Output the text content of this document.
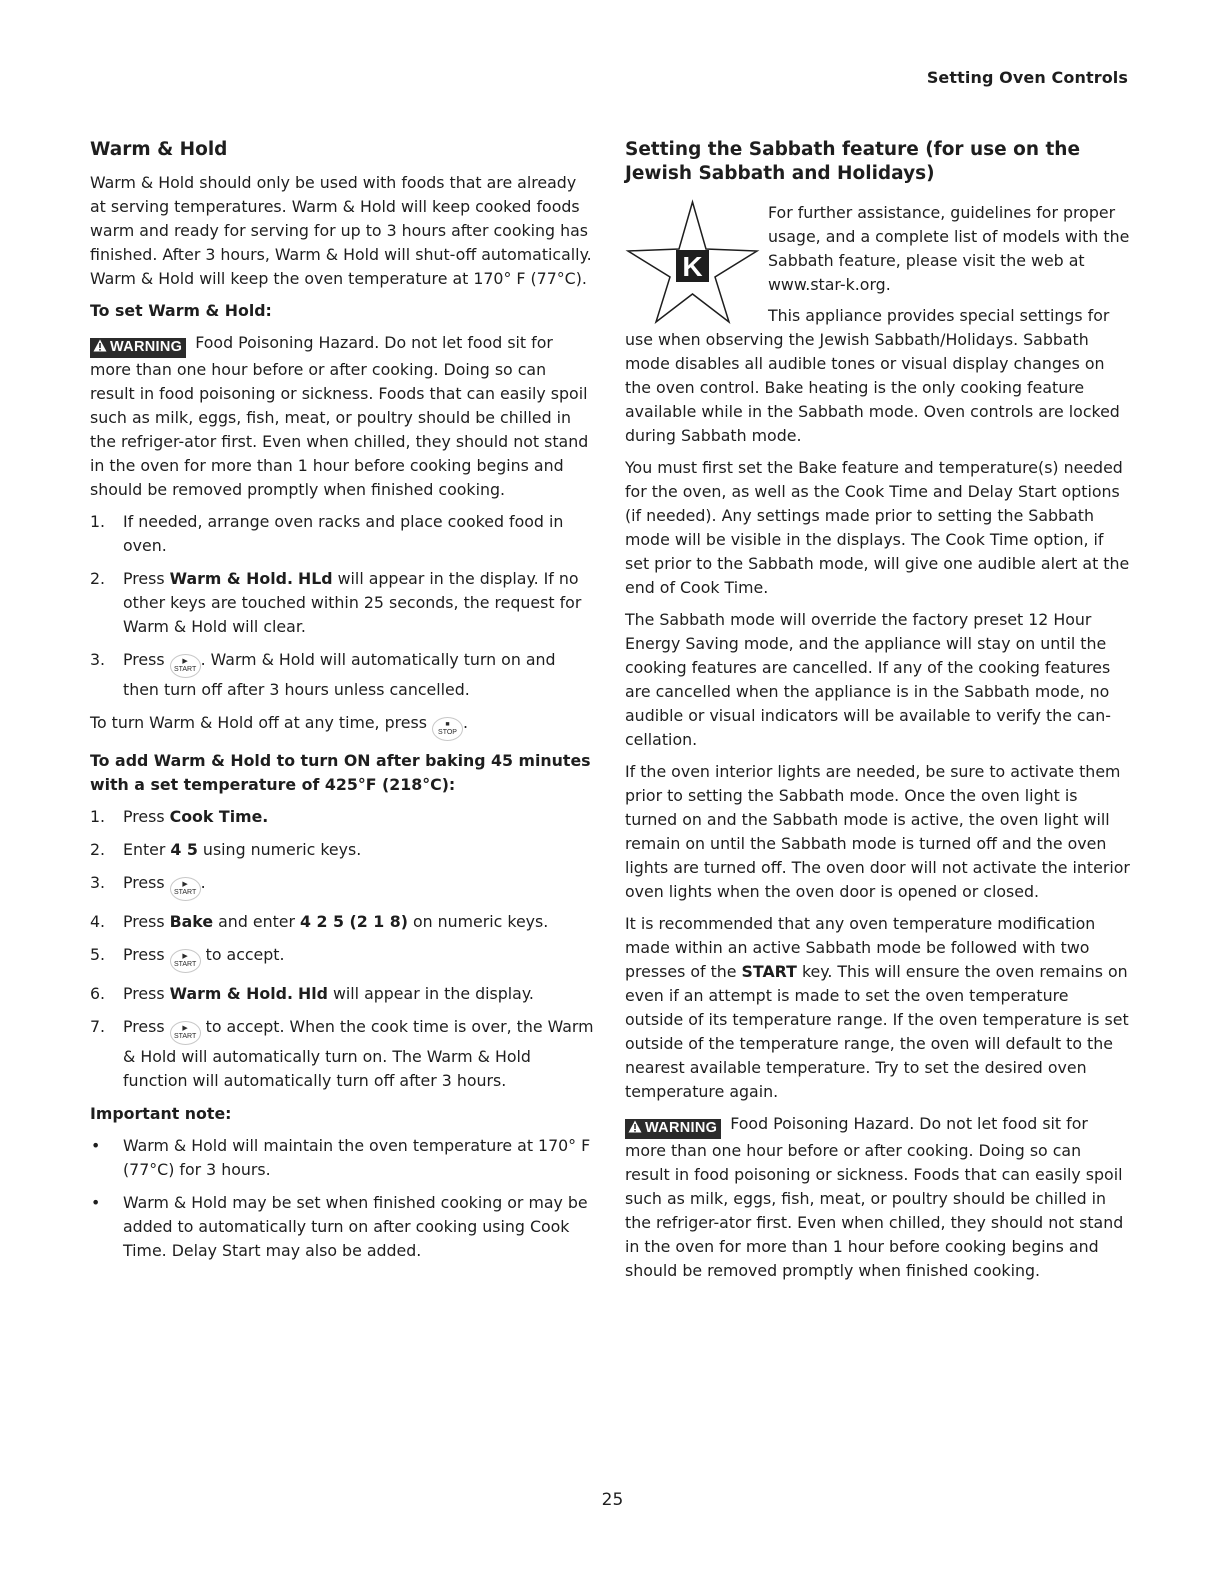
Setting Oven Controls
Warm & Hold

Warm & Hold should only be used with foods that are already at serving temperatures. Warm & Hold will keep cooked foods warm and ready for serving for up to 3 hours after cooking has finished. After 3 hours, Warm & Hold will shut-off automatically. Warm & Hold will keep the oven temperature at 170° F (77°C).

To set Warm & Hold:

WARNING Food Poisoning Hazard. Do not let food sit for more than one hour before or after cooking. Doing so can result in food poisoning or sickness. Foods that can easily spoil such as milk, eggs, fish, meat, or poultry should be chilled in the refriger-ator first. Even when chilled, they should not stand in the oven for more than 1 hour before cooking begins and should be removed promptly when finished cooking.

1. If needed, arrange oven racks and place cooked food in oven.
2. Press Warm & Hold. HLd will appear in the display. If no other keys are touched within 25 seconds, the request for Warm & Hold will clear.
3. Press	▶
START. Warm & Hold will automatically turn on and then turn off after 3 hours unless cancelled.

To turn Warm & Hold off at any time, press	■
STOP.

To add Warm & Hold to turn ON after baking 45 minutes with a set temperature of 425°F (218°C):
1. Press Cook Time.
2. Enter 4 5 using numeric keys.
3. Press	▶
START.
4. Press Bake and enter 4 2 5 (2 1 8) on numeric keys.
5. Press	▶
START to accept.
6. Press Warm & Hold. Hld will appear in the display.
7. Press	▶
START to accept. When the cook time is over, the Warm & Hold will automatically turn on. The Warm & Hold function will automatically turn off after 3 hours.
Important note:
• Warm & Hold will maintain the oven temperature at 170° F (77°C) for 3 hours.
• Warm & Hold may be set when finished cooking or may be added to automatically turn on after cooking using Cook Time. Delay Start may also be added.
Setting the Sabbath feature (for use on the Jewish Sabbath and Holidays)
K
For further assistance, guidelines for proper usage, and a complete list of models with the Sabbath feature, please visit the web at www.star-k.org.

This appliance provides special settings for use when observing the Jewish Sabbath/Holidays. Sabbath mode disables all audible tones or visual display changes on the oven control. Bake heating is the only cooking feature available while in the Sabbath mode. Oven controls are locked during Sabbath mode.

You must first set the Bake feature and temperature(s) needed for the oven, as well as the Cook Time and Delay Start options (if needed). Any settings made prior to setting the Sabbath mode will be visible in the displays. The Cook Time option, if set prior to the Sabbath mode, will give one audible alert at the end of Cook Time.

The Sabbath mode will override the factory preset 12 Hour Energy Saving mode, and the appliance will stay on until the cooking features are cancelled. If any of the cooking features are cancelled when the appliance is in the Sabbath mode, no audible or visual indicators will be available to verify the can-cellation.

If the oven interior lights are needed, be sure to activate them prior to setting the Sabbath mode. Once the oven light is turned on and the Sabbath mode is active, the oven light will remain on until the Sabbath mode is turned off and the oven lights are turned off. The oven door will not activate the interior oven lights when the oven door is opened or closed.

It is recommended that any oven temperature modification made within an active Sabbath mode be followed with two presses of the START key. This will ensure the oven remains on even if an attempt is made to set the oven temperature outside of its temperature range. If the oven temperature is set outside of the temperature range, the oven will default to the nearest available temperature. Try to set the desired oven temperature again.

WARNING Food Poisoning Hazard. Do not let food sit for more than one hour before or after cooking. Doing so can result in food poisoning or sickness. Foods that can easily spoil such as milk, eggs, fish, meat, or poultry should be chilled in the refriger-ator first. Even when chilled, they should not stand in the oven for more than 1 hour before cooking begins and should be removed promptly when finished cooking.

25
